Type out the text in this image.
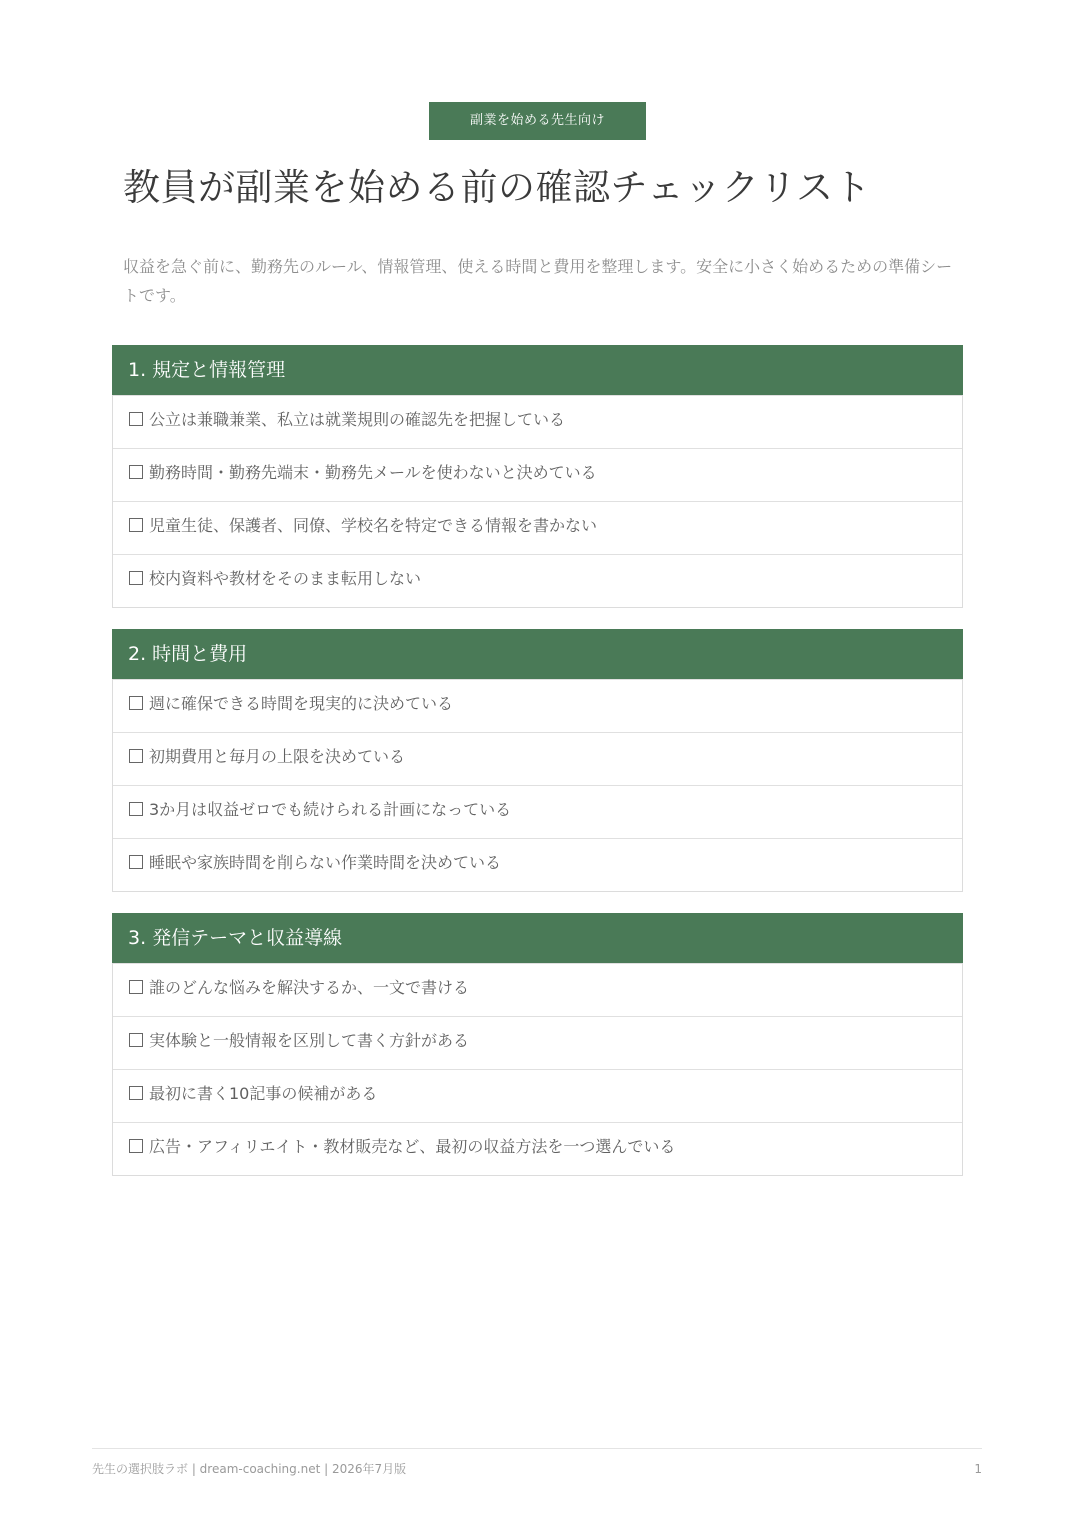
副業を始める先生向け
教員が副業を始める前の確認チェックリスト

収益を急ぐ前に、勤務先のルール、情報管理、使える時間と費用を整理します。安全に小さく始めるための準備シートです。

1. 規定と情報管理
公立は兼職兼業、私立は就業規則の確認先を把握している
勤務時間・勤務先端末・勤務先メールを使わないと決めている
児童生徒、保護者、同僚、学校名を特定できる情報を書かない
校内資料や教材をそのまま転用しない
2. 時間と費用
週に確保できる時間を現実的に決めている
初期費用と毎月の上限を決めている
3か月は収益ゼロでも続けられる計画になっている
睡眠や家族時間を削らない作業時間を決めている
3. 発信テーマと収益導線
誰のどんな悩みを解決するか、一文で書ける
実体験と一般情報を区別して書く方針がある
最初に書く10記事の候補がある
広告・アフィリエイト・教材販売など、最初の収益方法を一つ選んでいる
先生の選択肢ラボ | dream-coaching.net | 2026年7月版	1
